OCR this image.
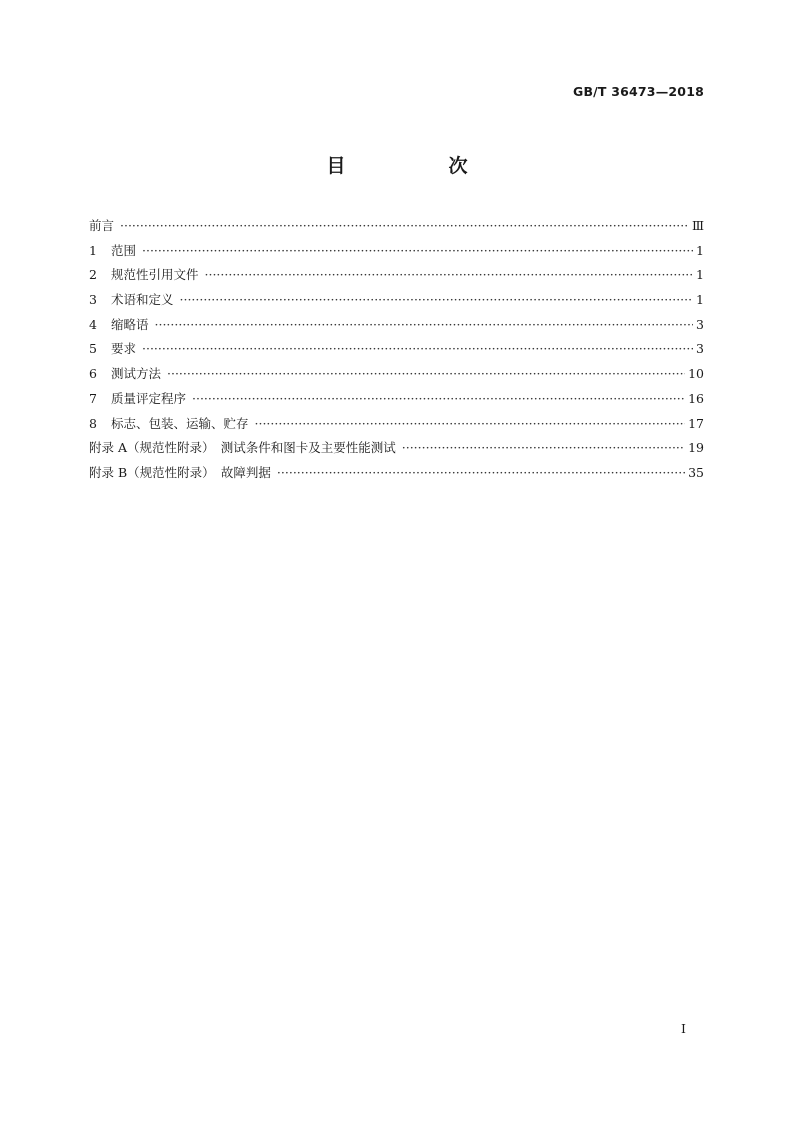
GB/T 36473—2018
目　次
前言 ·····	Ⅲ
1	范围 ·····	1
2	规范性引用文件 ·····	1
3	术语和定义 ·····	1
4	缩略语 ·····	3
5	要求 ·····	3
6	测试方法 ·····	10
7	质量评定程序 ·····	16
8	标志、包装、运输、贮存 ·····	17
附录 A（规范性附录）　测试条件和图卡及主要性能测试 ·····	19
附录 B（规范性附录）　故障判据 ·····	35
Ⅰ
